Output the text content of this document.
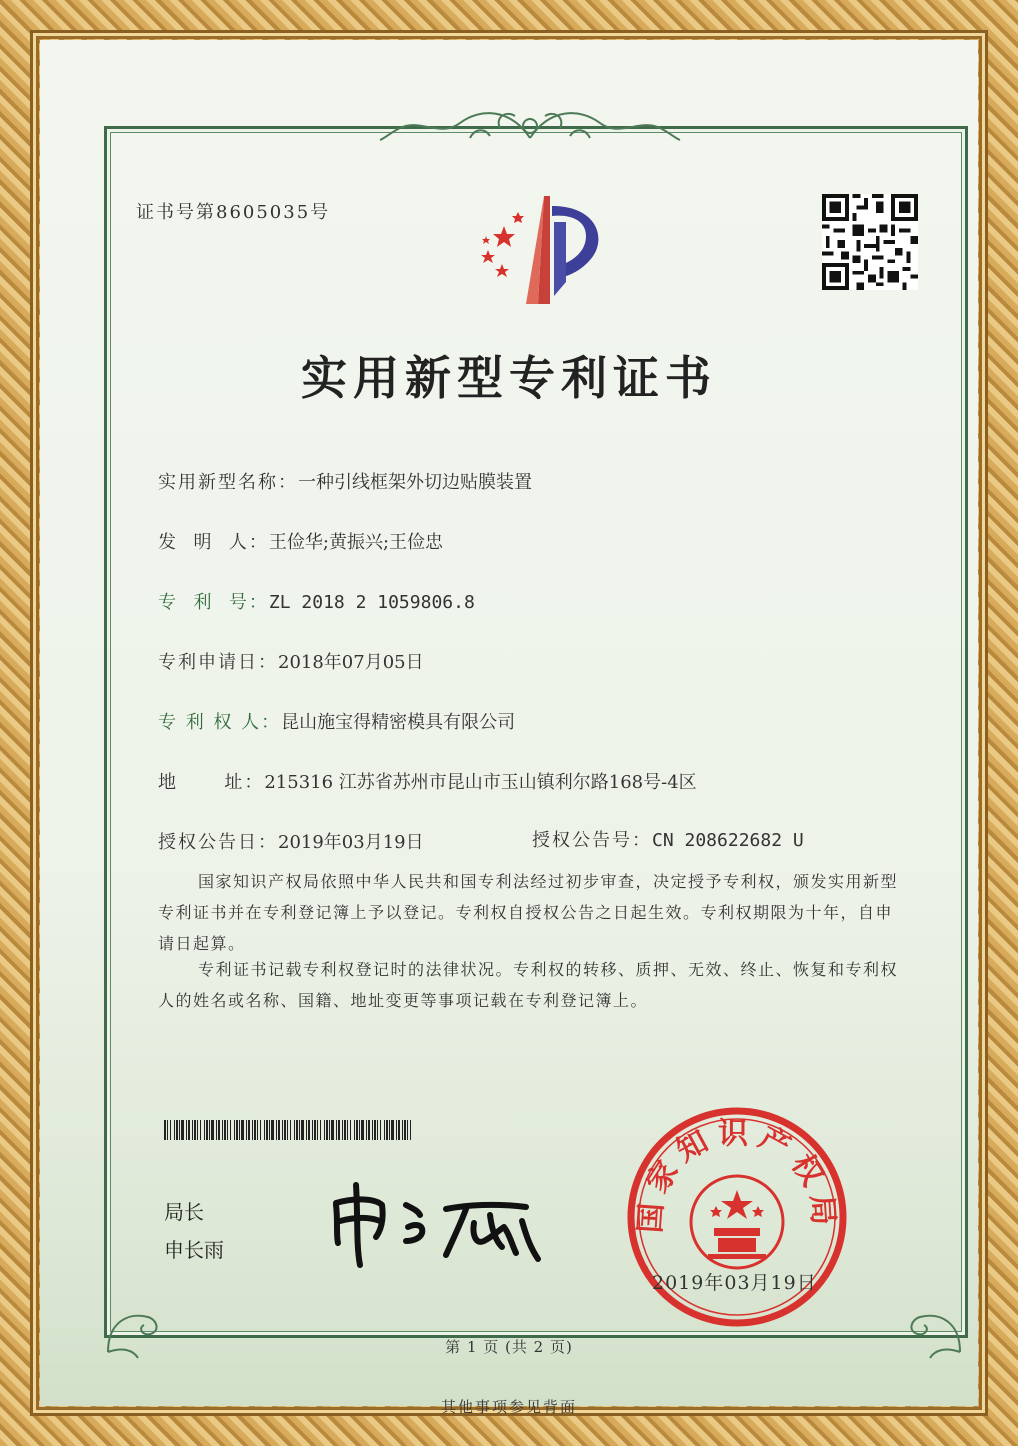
证书号第8605035号
实用新型专利证书
实用新型名称：一种引线框架外切边贴膜装置
发  明  人：王俭华;黄振兴;王俭忠
专  利  号：ZL 2018 2 1059806.8
专利申请日：2018年07月05日
专 利 权 人：昆山施宝得精密模具有限公司
地      址：215316 江苏省苏州市昆山市玉山镇利尔路168号-4区
授权公告日：2019年03月19日	授权公告号：CN 208622682 U
国家知识产权局依照中华人民共和国专利法经过初步审查，决定授予专利权，颁发实用新型专利证书并在专利登记簿上予以登记。专利权自授权公告之日起生效。专利权期限为十年，自申请日起算。
专利证书记载专利权登记时的法律状况。专利权的转移、质押、无效、终止、恢复和专利权人的姓名或名称、国籍、地址变更等事项记载在专利登记簿上。
局长
申长雨
国家知识产权局
2019年03月19日
第 1 页 (共 2 页)
其他事项参见背面
